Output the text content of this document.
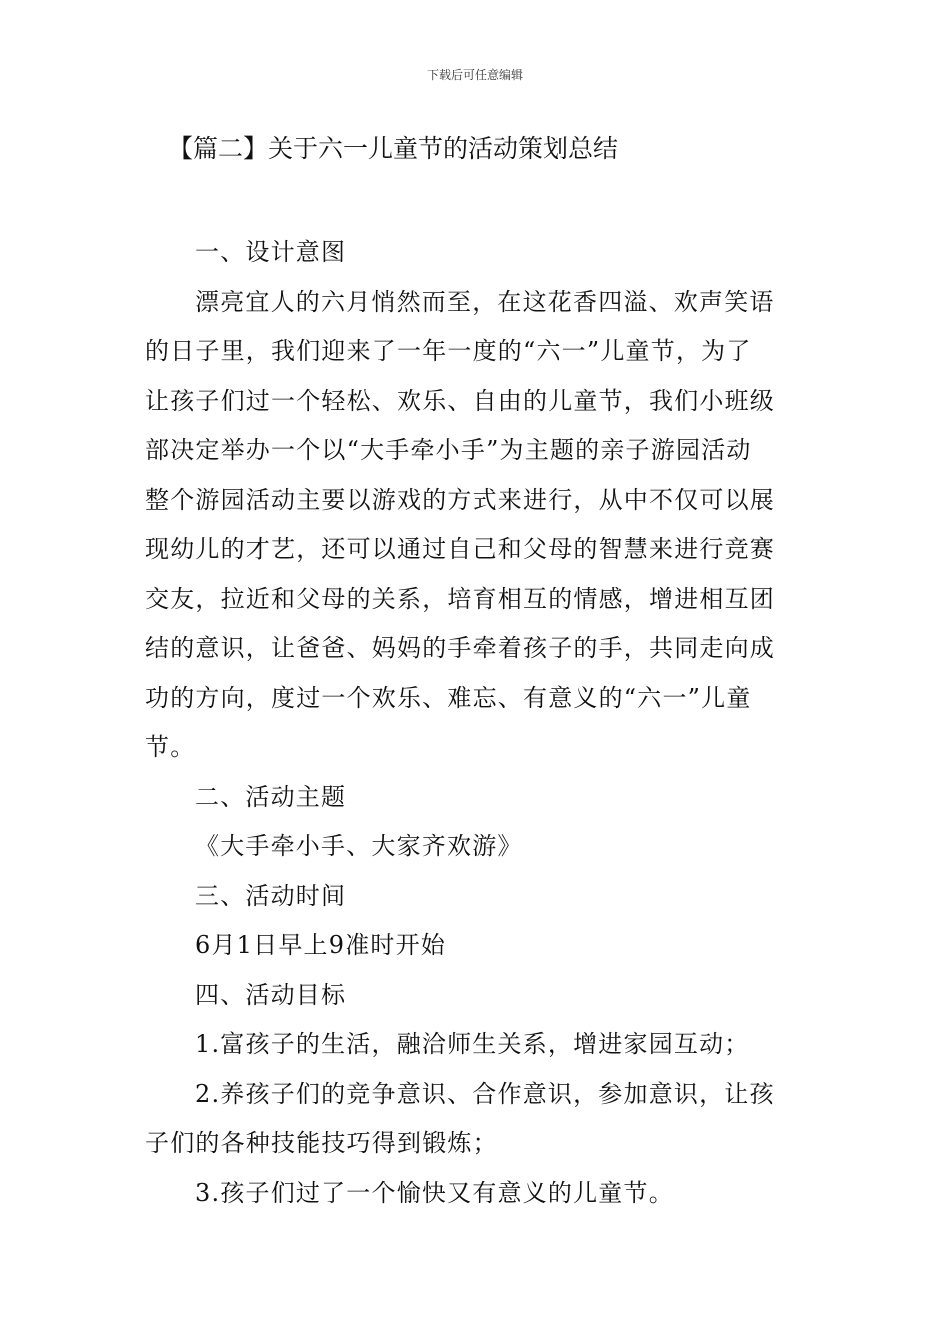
下载后可任意编辑
【篇二】关于六一儿童节的活动策划总结
一、设计意图
漂亮宜人的六月悄然而至，在这花香四溢、欢声笑语
的日子里，我们迎来了一年一度的“六一”儿童节，为了
让孩子们过一个轻松、欢乐、自由的儿童节，我们小班级
部决定举办一个以“大手牵小手”为主题的亲子游园活动
整个游园活动主要以游戏的方式来进行，从中不仅可以展
现幼儿的才艺，还可以通过自己和父母的智慧来进行竞赛
交友，拉近和父母的关系，培育相互的情感，增进相互团
结的意识，让爸爸、妈妈的手牵着孩子的手，共同走向成
功的方向，度过一个欢乐、难忘、有意义的“六一”儿童
节。
二、活动主题
《大手牵小手、大家齐欢游》
三、活动时间
6月1日早上9准时开始
四、活动目标
1.富孩子的生活，融洽师生关系，增进家园互动；
2.养孩子们的竞争意识、合作意识，参加意识，让孩
子们的各种技能技巧得到锻炼；
3.孩子们过了一个愉快又有意义的儿童节。
